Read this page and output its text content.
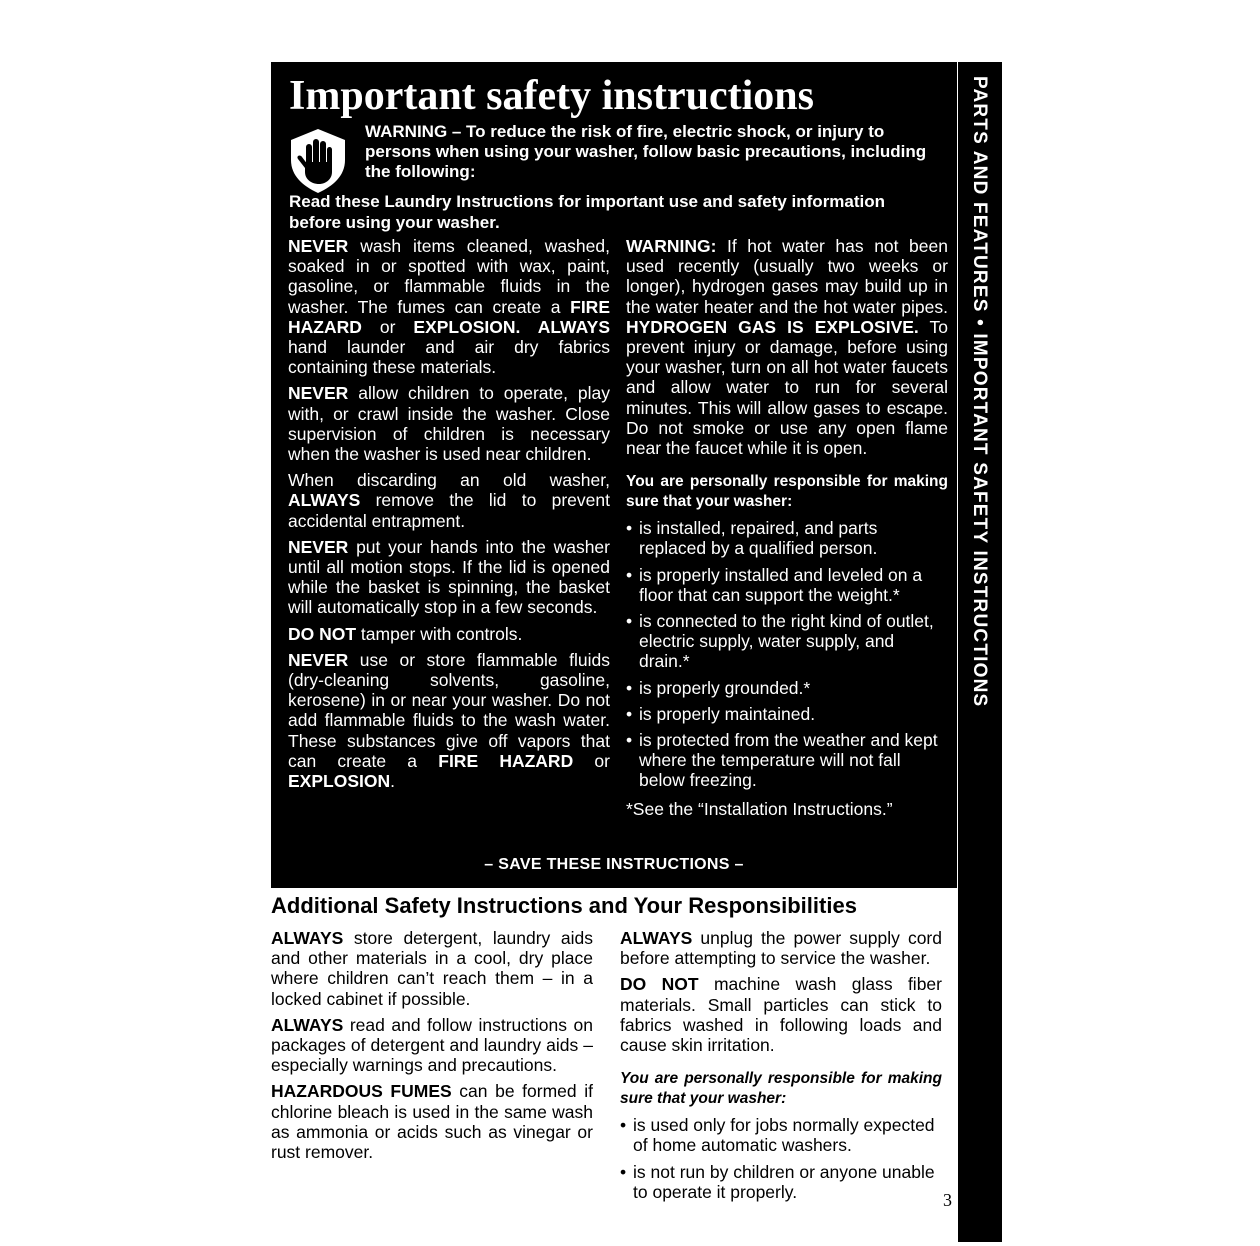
Important safety instructions

WARNING – To reduce the risk of fire, electric shock, or injury to persons when using your washer, follow basic precautions, including the following:

Read these Laundry Instructions for important use and safety information before using your washer.

NEVER wash items cleaned, washed, soaked in or spotted with wax, paint, gasoline, or flammable fluids in the washer. The fumes can create a FIRE HAZARD or EXPLOSION. ALWAYS hand launder and air dry fabrics containing these materials.

NEVER allow children to operate, play with, or crawl inside the washer. Close supervision of children is necessary when the washer is used near children.

When discarding an old washer, ALWAYS remove the lid to prevent accidental entrapment.

NEVER put your hands into the washer until all motion stops. If the lid is opened while the basket is spinning, the basket will automatically stop in a few seconds.

DO NOT tamper with controls.

NEVER use or store flammable fluids (dry-cleaning solvents, gasoline, kerosene) in or near your washer. Do not add flammable fluids to the wash water. These substances give off vapors that can create a FIRE HAZARD or EXPLOSION.

WARNING: If hot water has not been used recently (usually two weeks or longer), hydrogen gases may build up in the water heater and the hot water pipes. HYDROGEN GAS IS EXPLOSIVE. To prevent injury or damage, before using your washer, turn on all hot water faucets and allow water to run for several minutes. This will allow gases to escape. Do not smoke or use any open flame near the faucet while it is open.

You are personally responsible for making sure that your washer:

• is installed, repaired, and parts replaced by a qualified person.
• is properly installed and leveled on a floor that can support the weight.*
• is connected to the right kind of outlet, electric supply, water supply, and drain.*
• is properly grounded.*
• is properly maintained.
• is protected from the weather and kept where the temperature will not fall below freezing.

*See the “Installation Instructions.”

– SAVE THESE INSTRUCTIONS –
PARTS AND FEATURES • IMPORTANT SAFETY INSTRUCTIONS
Additional Safety Instructions and Your Responsibilities

ALWAYS store detergent, laundry aids and other materials in a cool, dry place where children can’t reach them – in a locked cabinet if possible.

ALWAYS read and follow instructions on packages of detergent and laundry aids – especially warnings and precautions.

HAZARDOUS FUMES can be formed if chlorine bleach is used in the same wash as ammonia or acids such as vinegar or rust remover.

ALWAYS unplug the power supply cord before attempting to service the washer.

DO NOT machine wash glass fiber materials. Small particles can stick to fabrics washed in following loads and cause skin irritation.

You are personally responsible for making sure that your washer:

• is used only for jobs normally expected of home automatic washers.
• is not run by children or anyone unable to operate it properly.	3
